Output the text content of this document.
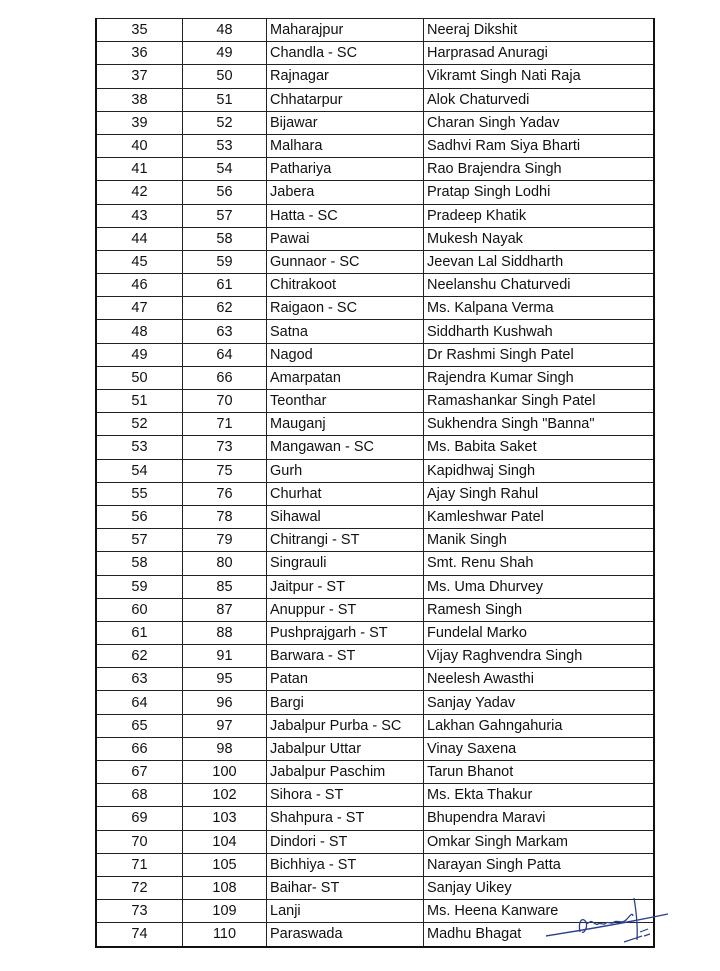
35	48	Maharajpur	Neeraj Dikshit
36	49	Chandla - SC	Harprasad Anuragi
37	50	Rajnagar	Vikramt Singh Nati Raja
38	51	Chhatarpur	Alok Chaturvedi
39	52	Bijawar	Charan Singh Yadav
40	53	Malhara	Sadhvi Ram Siya Bharti
41	54	Pathariya	Rao Brajendra Singh
42	56	Jabera	Pratap Singh Lodhi
43	57	Hatta - SC	Pradeep Khatik
44	58	Pawai	Mukesh Nayak
45	59	Gunnaor - SC	Jeevan Lal Siddharth
46	61	Chitrakoot	Neelanshu Chaturvedi
47	62	Raigaon - SC	Ms. Kalpana Verma
48	63	Satna	Siddharth Kushwah
49	64	Nagod	Dr Rashmi Singh Patel
50	66	Amarpatan	Rajendra Kumar Singh
51	70	Teonthar	Ramashankar Singh Patel
52	71	Mauganj	Sukhendra Singh "Banna"
53	73	Mangawan - SC	Ms. Babita Saket
54	75	Gurh	Kapidhwaj Singh
55	76	Churhat	Ajay Singh Rahul
56	78	Sihawal	Kamleshwar Patel
57	79	Chitrangi - ST	Manik Singh
58	80	Singrauli	Smt. Renu Shah
59	85	Jaitpur - ST	Ms. Uma Dhurvey
60	87	Anuppur - ST	Ramesh Singh
61	88	Pushprajgarh - ST	Fundelal Marko
62	91	Barwara - ST	Vijay Raghvendra Singh
63	95	Patan	Neelesh Awasthi
64	96	Bargi	Sanjay Yadav
65	97	Jabalpur Purba - SC	Lakhan Gahngahuria
66	98	Jabalpur Uttar	Vinay Saxena
67	100	Jabalpur Paschim	Tarun Bhanot
68	102	Sihora - ST	Ms. Ekta Thakur
69	103	Shahpura - ST	Bhupendra Maravi
70	104	Dindori - ST	Omkar Singh Markam
71	105	Bichhiya - ST	Narayan Singh Patta
72	108	Baihar- ST	Sanjay Uikey
73	109	Lanji	Ms. Heena Kanware
74	110	Paraswada	Madhu Bhagat
